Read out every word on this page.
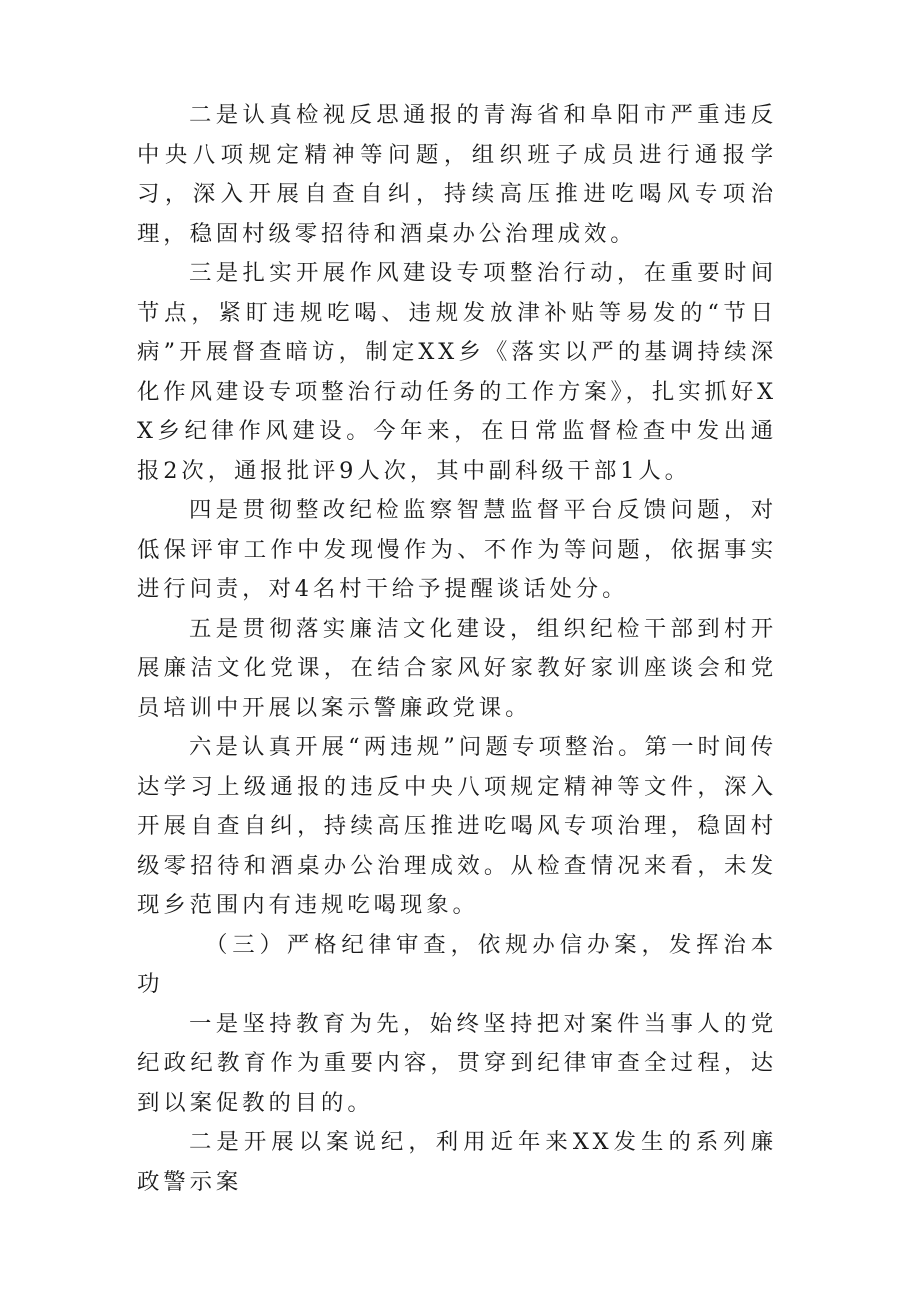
二是认真检视反思通报的青海省和阜阳市严重违反中央八项规定精神等问题，组织班子成员进行通报学习，深入开展自查自纠，持续高压推进吃喝风专项治理，稳固村级零招待和酒桌办公治理成效。

三是扎实开展作风建设专项整治行动，在重要时间节点，紧盯违规吃喝、违规发放津补贴等易发的“节日病”开展督查暗访，制定XX乡《落实以严的基调持续深化作风建设专项整治行动任务的工作方案》，扎实抓好XX乡纪律作风建设。今年来，在日常监督检查中发出通报2次，通报批评9人次，其中副科级干部1人。

四是贯彻整改纪检监察智慧监督平台反馈问题，对低保评审工作中发现慢作为、不作为等问题，依据事实进行问责，对4名村干给予提醒谈话处分。

五是贯彻落实廉洁文化建设，组织纪检干部到村开展廉洁文化党课，在结合家风好家教好家训座谈会和党员培训中开展以案示警廉政党课。

六是认真开展“两违规”问题专项整治。第一时间传达学习上级通报的违反中央八项规定精神等文件，深入开展自查自纠，持续高压推进吃喝风专项治理，稳固村级零招待和酒桌办公治理成效。从检查情况来看，未发现乡范围内有违规吃喝现象。

（三）严格纪律审查，依规办信办案，发挥治本功

一是坚持教育为先，始终坚持把对案件当事人的党纪政纪教育作为重要内容，贯穿到纪律审查全过程，达到以案促教的目的。

二是开展以案说纪，利用近年来XX发生的系列廉政警示案
